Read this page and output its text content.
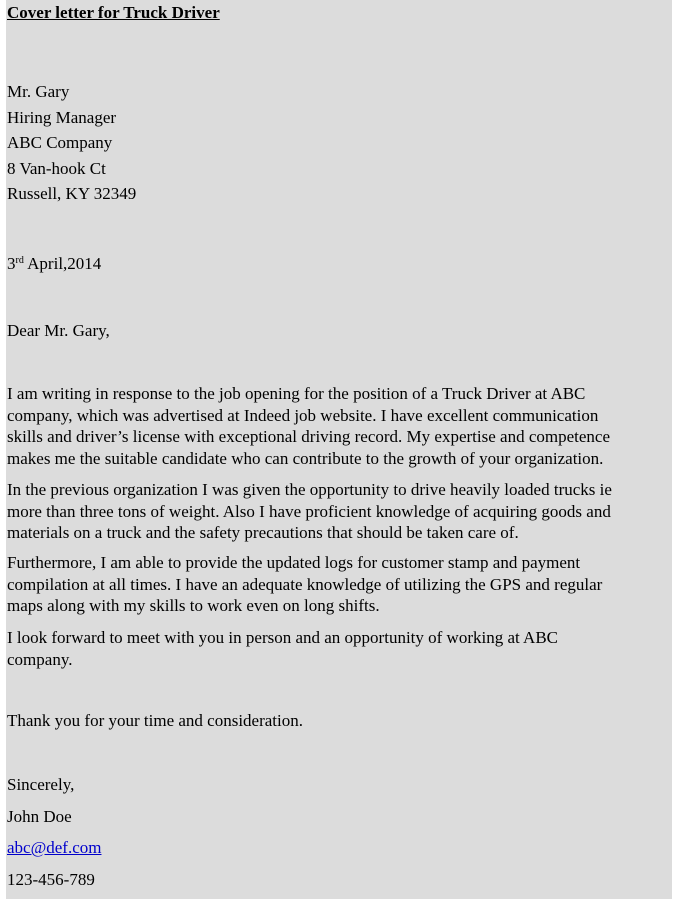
Cover letter for Truck Driver
Mr. Gary
Hiring Manager
ABC Company
8 Van-hook Ct
Russell, KY 32349
3rd April,2014
Dear Mr. Gary,
I am writing in response to the job opening for the position of a Truck Driver at ABC
company, which was advertised at Indeed job website. I have excellent communication
skills and driver’s license with exceptional driving record. My expertise and competence
makes me the suitable candidate who can contribute to the growth of your organization.
In the previous organization I was given the opportunity to drive heavily loaded trucks ie
more than three tons of weight. Also I have proficient knowledge of acquiring goods and
materials on a truck and the safety precautions that should be taken care of.
Furthermore, I am able to provide the updated logs for customer stamp and payment
compilation at all times. I have an adequate knowledge of utilizing the GPS and regular
maps along with my skills to work even on long shifts.
I look forward to meet with you in person and an opportunity of working at ABC
company.
Thank you for your time and consideration.
Sincerely,
John Doe
abc@def.com
123-456-789
